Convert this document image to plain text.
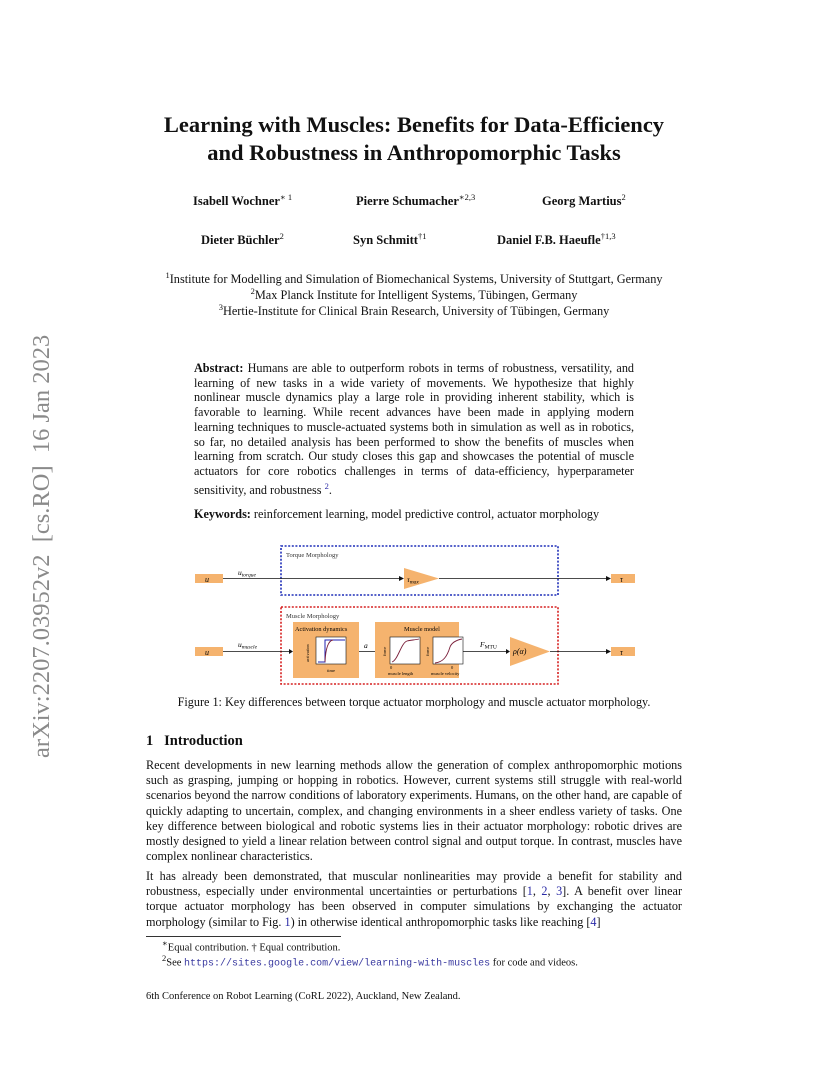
arXiv:2207.03952v2  [cs.RO]  16 Jan 2023
Learning with Muscles: Benefits for Data-Efficiency
and Robustness in Anthropomorphic Tasks
Isabell Wochner$^{∗ 1}$	Pierre Schumacher$^{∗2,3}$	Georg Martius$^2$
Dieter Büchler$^2$	Syn Schmitt$^{\dagger 1}$	Daniel F.B. Haeufle$^{\dagger 1,3}$
$^1$Institute for Modelling and Simulation of Biomechanical Systems, University of Stuttgart, Germany
$^2$Max Planck Institute for Intelligent Systems, Tübingen, Germany
$^3$Hertie-Institute for Clinical Brain Research, University of Tübingen, Germany
Abstract: Humans are able to outperform robots in terms of robustness, versatility, and learning of new tasks in a wide variety of movements. We hypothesize that highly nonlinear muscle dynamics play a large role in providing inherent stability, which is favorable to learning. While recent advances have been made in applying modern learning techniques to muscle-actuated systems both in simulation as well as in robotics, so far, no detailed analysis has been performed to show the benefits of muscles when learning from scratch. Our study closes this gap and showcases the potential of muscle actuators for core robotics challenges in terms of data-efficiency, hyperparameter sensitivity, and robustness $^2$.
Keywords: reinforcement learning, model predictive control, actuator morphology
Torque Morphology
u
$u_{torque}$	$\tau_{max}$	τ
Muscle Morphology
u
$u_{muscle}$
Activation dynamics
activation
time
a
Muscle model
force
0
muscle length
force
0
muscle velocity
$F_{MTU}$ ρ(α)	τ
Figure 1: Key differences between torque actuator morphology and muscle actuator morphology.
1 Introduction
Recent developments in new learning methods allow the generation of complex anthropomorphic motions such as grasping, jumping or hopping in robotics. However, current systems still struggle with real-world scenarios beyond the narrow conditions of laboratory experiments. Humans, on the other hand, are capable of quickly adapting to uncertain, complex, and changing environments in a sheer endless variety of tasks. One key difference between biological and robotic systems lies in their actuator morphology: robotic drives are mostly designed to yield a linear relation between control signal and output torque. In contrast, muscles have complex nonlinear characteristics.
It has already been demonstrated, that muscular nonlinearities may provide a benefit for stability and robustness, especially under environmental uncertainties or perturbations [1, 2, 3]. A benefit over linear torque actuator morphology has been observed in computer simulations by exchanging the actuator morphology (similar to Fig. 1) in otherwise identical anthropomorphic tasks like reaching [4]
∗Equal contribution. † Equal contribution.
$^2$See https://sites.google.com/view/learning-with-muscles for code and videos.
6th Conference on Robot Learning (CoRL 2022), Auckland, New Zealand.
